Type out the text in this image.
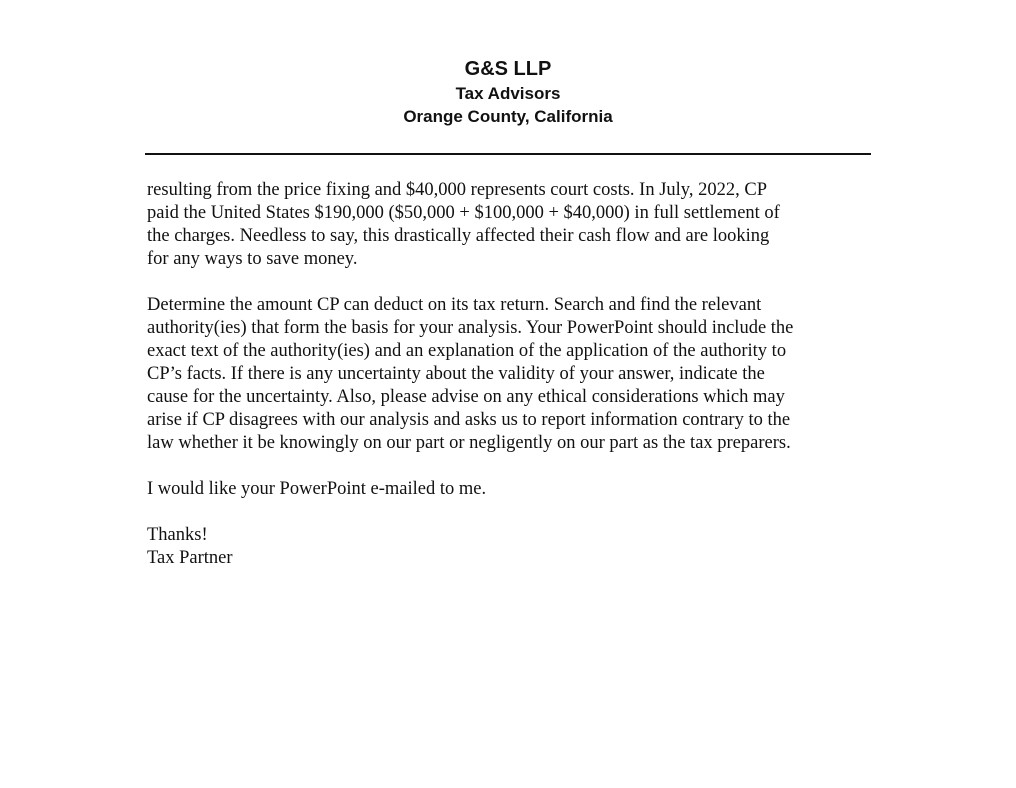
G&S LLP

Tax Advisors

Orange County, California

resulting from the price fixing and $40,000 represents court costs. In July, 2022, CP
paid the United States $190,000 ($50,000 + $100,000 + $40,000) in full settlement of
the charges. Needless to say, this drastically affected their cash flow and are looking
for any ways to save money.

Determine the amount CP can deduct on its tax return. Search and find the relevant
authority(ies) that form the basis for your analysis. Your PowerPoint should include the
exact text of the authority(ies) and an explanation of the application of the authority to
CP’s facts. If there is any uncertainty about the validity of your answer, indicate the
cause for the uncertainty. Also, please advise on any ethical considerations which may
arise if CP disagrees with our analysis and asks us to report information contrary to the
law whether it be knowingly on our part or negligently on our part as the tax preparers.

I would like your PowerPoint e-mailed to me.

Thanks!

Tax Partner
